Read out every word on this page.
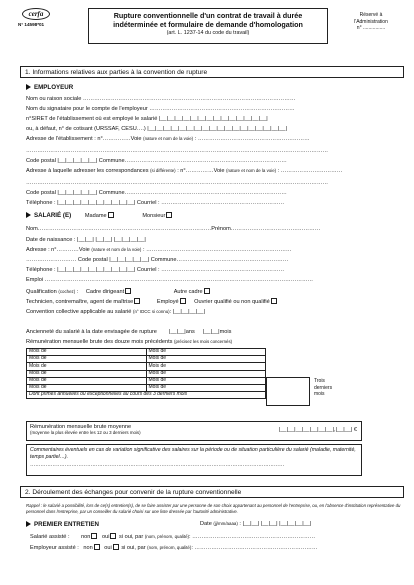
cerfa
N° 14598*01
Rupture conventionnelle d'un contrat de travail à durée
indéterminée et formulaire de demande d'homologation
(art. L. 1237-14 du code du travail)
Réservé à
l'Administration
n° ................
1. Informations relatives aux parties à la convention de rupture
EMPLOYEUR
Nom ou raison sociale ……………………………………………………………………………………………………
Nom du signataire pour le compte de l'employeur ……………………………………………………………………
n°SIRET de l'établissement où est employé le salarié |__|__|__|__|__|__|__|__|__|__|__|__|__|__|
ou, à défaut, n° de cotisant (URSSAF, CESU….) |__|__|__|__|__|__|__|__|__|__|__|__|__|__|__|__|__|__|
Adresse de l'établissement : n°……………Voie (nature et nom de la voie) : ……………………………………………………
………………………………………………………………………………………………………………………………………………
Code postal |__|__|__|__|__| Commune……………………………………………………………………………
Adresse à laquelle adresser les correspondances (si différente) : n°……………Voie (nature et nom de la voie) : ……………………………
………………………………………………………………………………………………………………………………………………
Code postal |__|__|__|__|__| Commune……………………………………………………………………………
Téléphone : |__|__|__|__|__|__|__|__|__|__| Courriel : …………………………………………………………
SALARIÉ (E) Madame	Monsieur
Nom…………………………………………………………………………………Prénom…………………………………………
Date de naissance : |__|__| |__|__| |__|__|__|__|
Adresse : n°…………Voie (nature et nom de la voie) : ……………………………………………………………………
……………………… Code postal |__|__|__|__|__| Commune……………………………………………………
Téléphone : |__|__|__|__|__|__|__|__|__|__| Courriel : …………………………………………………………
Emploi ………………………………………………………………………………………………………………………………
Qualification (cochez) : Cadre dirigeant	Autre cadre
Technicien, contremaître, agent de maîtrise	Employé	Ouvrier qualifié ou non qualifié
Convention collective applicable au salarié (n° IDCC si connu): |__|__|__|__|
Ancienneté du salarié à la date envisagée de rupture |__|__|ans |__|__|mois
Rémunération mensuelle brute des douze mois précédents (précisez les mois concernés)
Mois de	Mois de
Mois de	Mois de
Mois de	Mois de
Mois de	Mois de
Mois de	Mois de
Mois de	Mois de
Dont primes annuelles ou exceptionnelles au cours des 3 derniers mois	
Trois derniers mois
Rémunération mensuelle brute moyenne
(moyenne la plus élevée entre les 12 ou 3 derniers mois)	|__|__|__|__|__|__|__|,|__|__| €
Commentaires éventuels en cas de variation significative des salaires sur la période ou de situation particulière du salarié (maladie, maternité, temps partiel…).
…………………………………………………………………………………………………………………………………
2. Déroulement des échanges pour convenir de la rupture conventionnelle
Rappel : le salarié a possibilité, lors de ce(s) entretien(s), de se faire assister par une personne de son choix appartenant au personnel de l'entreprise, ou, en l'absence d'institution représentative du personnel dans l'entreprise, par un conseiller du salarié choisi sur une liste dressée par l'autorité administrative.
PREMIER ENTRETIEN	Date (jj/mm/aaaa) : |__|__| |__|__| |__|__|__|__|
Salarié assisté : non oui si oui, par (nom, prénom, qualité): …………………………………………………………
Employeur assisté : non oui si oui, par (nom, prénom, qualité): …………………………………………………………
